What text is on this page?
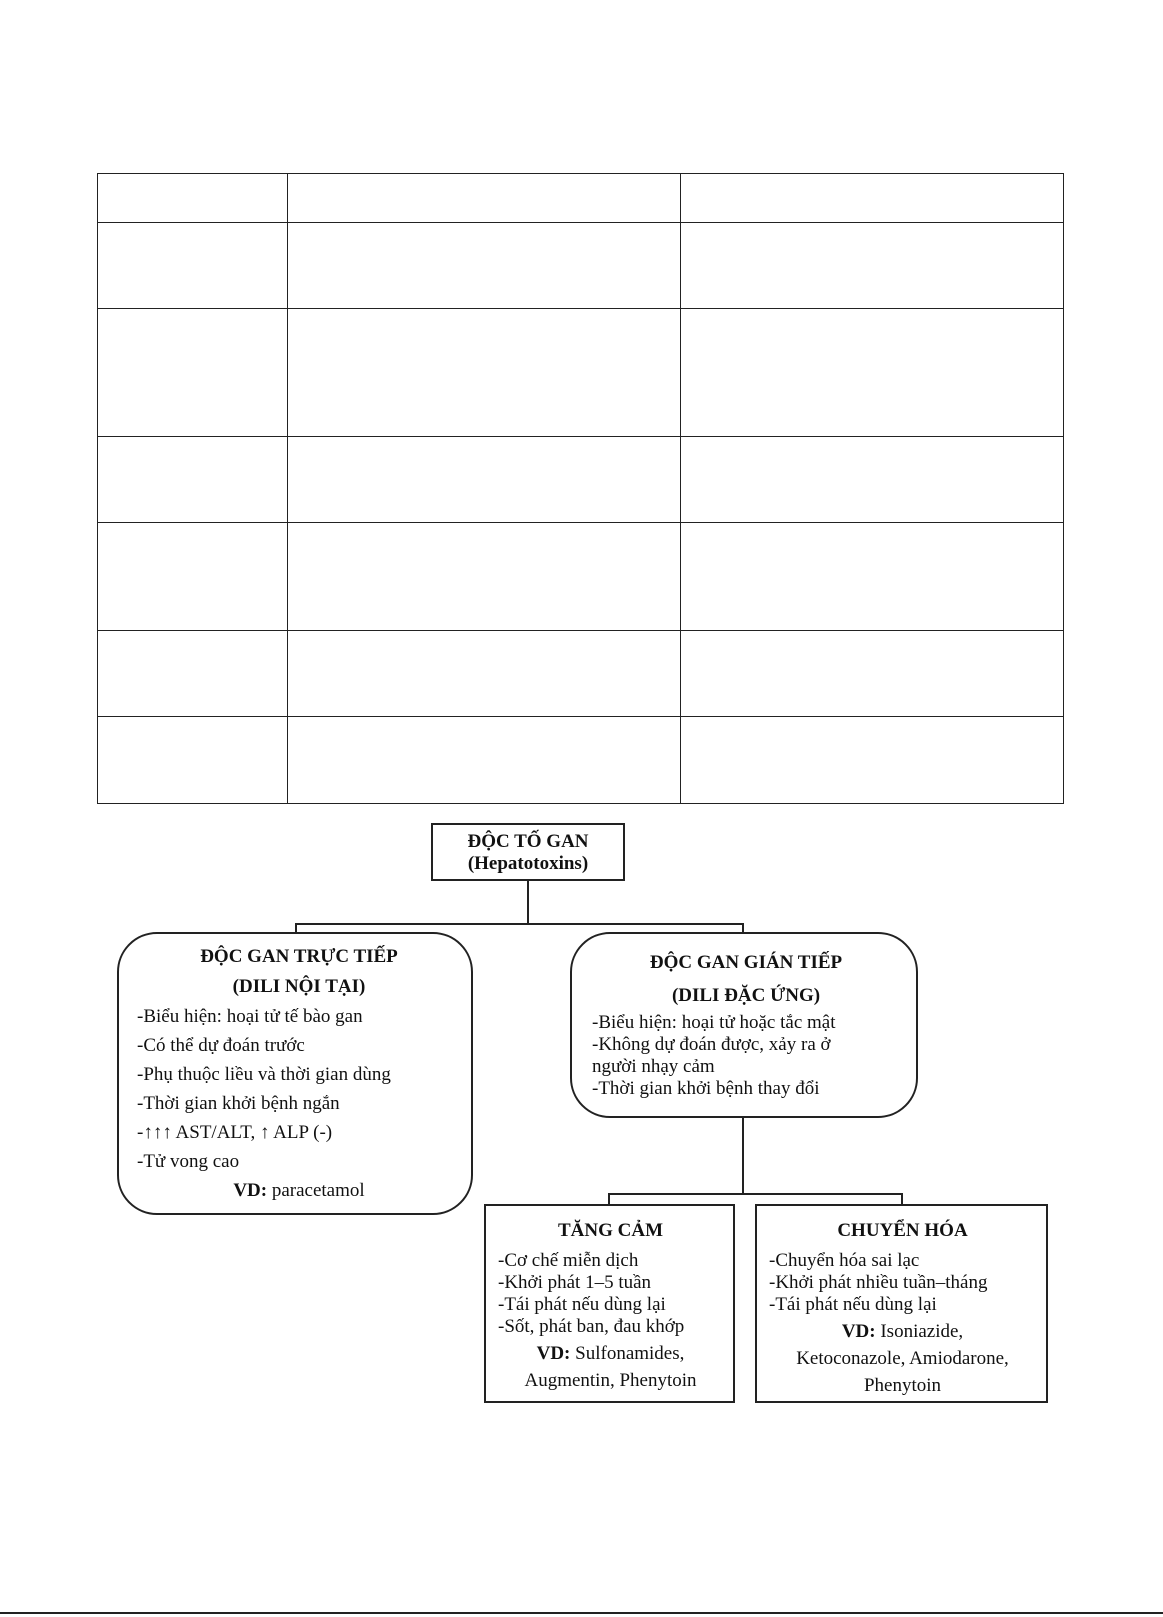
ĐỘC TỐ GAN
(Hepatotoxins)
ĐỘC GAN TRỰC TIẾP
(DILI NỘI TẠI)
-Biểu hiện: hoại tử tế bào gan
-Có thể dự đoán trước
-Phụ thuộc liều và thời gian dùng
-Thời gian khởi bệnh ngắn
-↑↑↑ AST/ALT, ↑ ALP (-)
-Tử vong cao
VD: paracetamol
ĐỘC GAN GIÁN TIẾP
(DILI ĐẶC ỨNG)
-Biểu hiện: hoại tử hoặc tắc mật
-Không dự đoán được, xảy ra ở
người nhạy cảm
-Thời gian khởi bệnh thay đổi
TĂNG CẢM
-Cơ chế miễn dịch
-Khởi phát 1–5 tuần
-Tái phát nếu dùng lại
-Sốt, phát ban, đau khớp
VD: Sulfonamides,
Augmentin, Phenytoin
CHUYỂN HÓA
-Chuyển hóa sai lạc
-Khởi phát nhiều tuần–tháng
-Tái phát nếu dùng lại
VD: Isoniazide,
Ketoconazole, Amiodarone,
Phenytoin
